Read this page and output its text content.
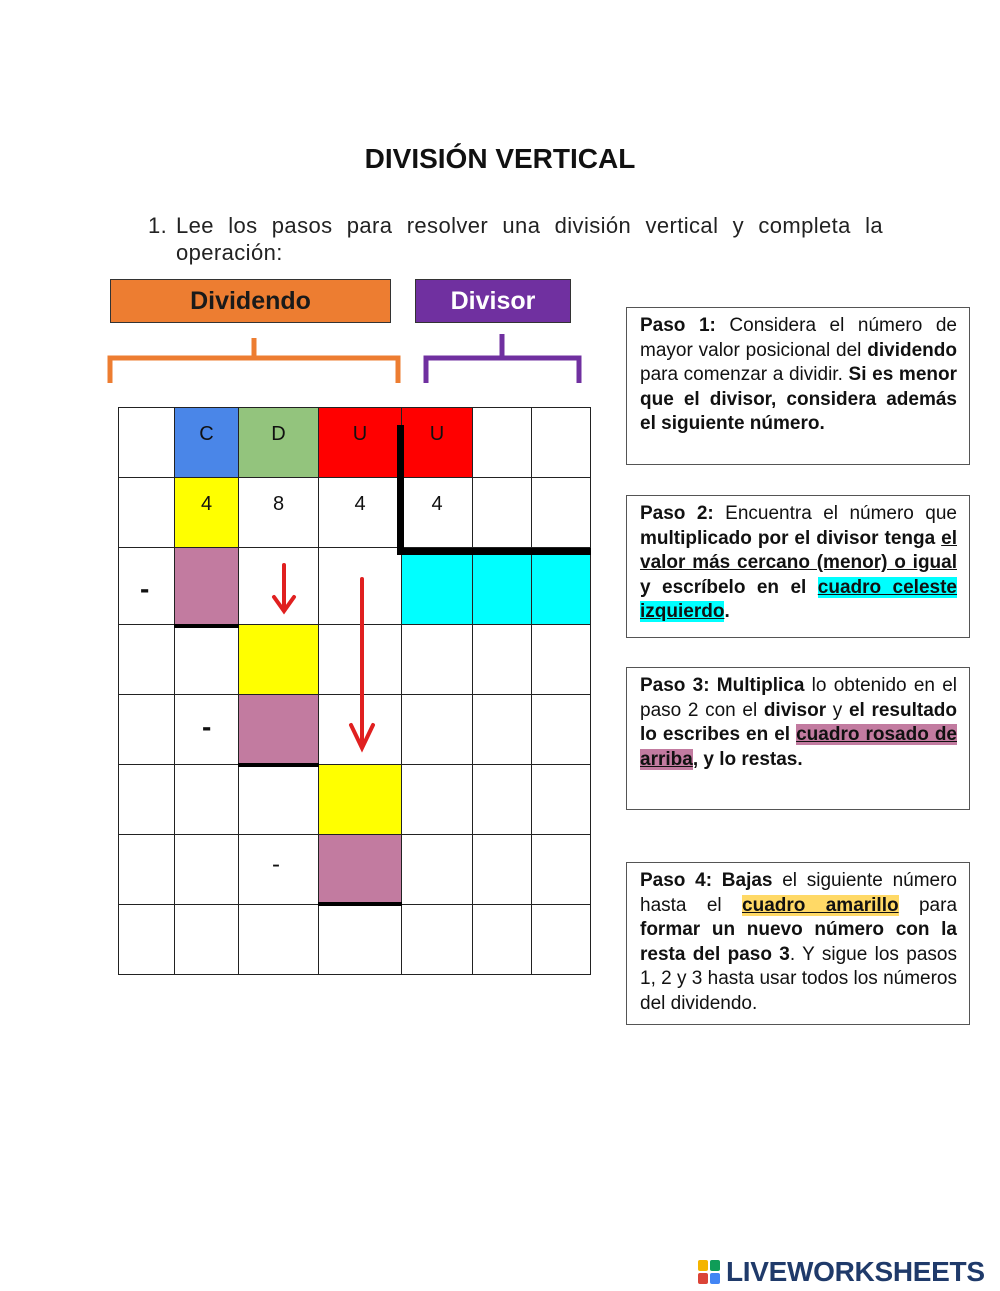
DIVISIÓN VERTICAL
1. Lee los pasos para resolver una división vertical y completa la operación:
Dividendo	Divisor
C	D	U	U
4	8	4	4
-
-
-
Paso 1: Considera el número de mayor valor posicional del dividendo para comenzar a dividir. Si es menor que el divisor, considera además el siguiente número.
Paso 2: Encuentra el número que multiplicado por el divisor tenga el valor más cercano (menor) o igual y escríbelo en el cuadro celeste izquierdo.
Paso 3: Multiplica lo obtenido en el paso 2 con el divisor y el resultado lo escribes en el cuadro rosado de arriba, y lo restas.
Paso 4: Bajas el siguiente número hasta el cuadro amarillo para formar un nuevo número con la resta del paso 3. Y sigue los pasos 1, 2 y 3 hasta usar todos los números del dividendo.
LIVEWORKSHEETS
